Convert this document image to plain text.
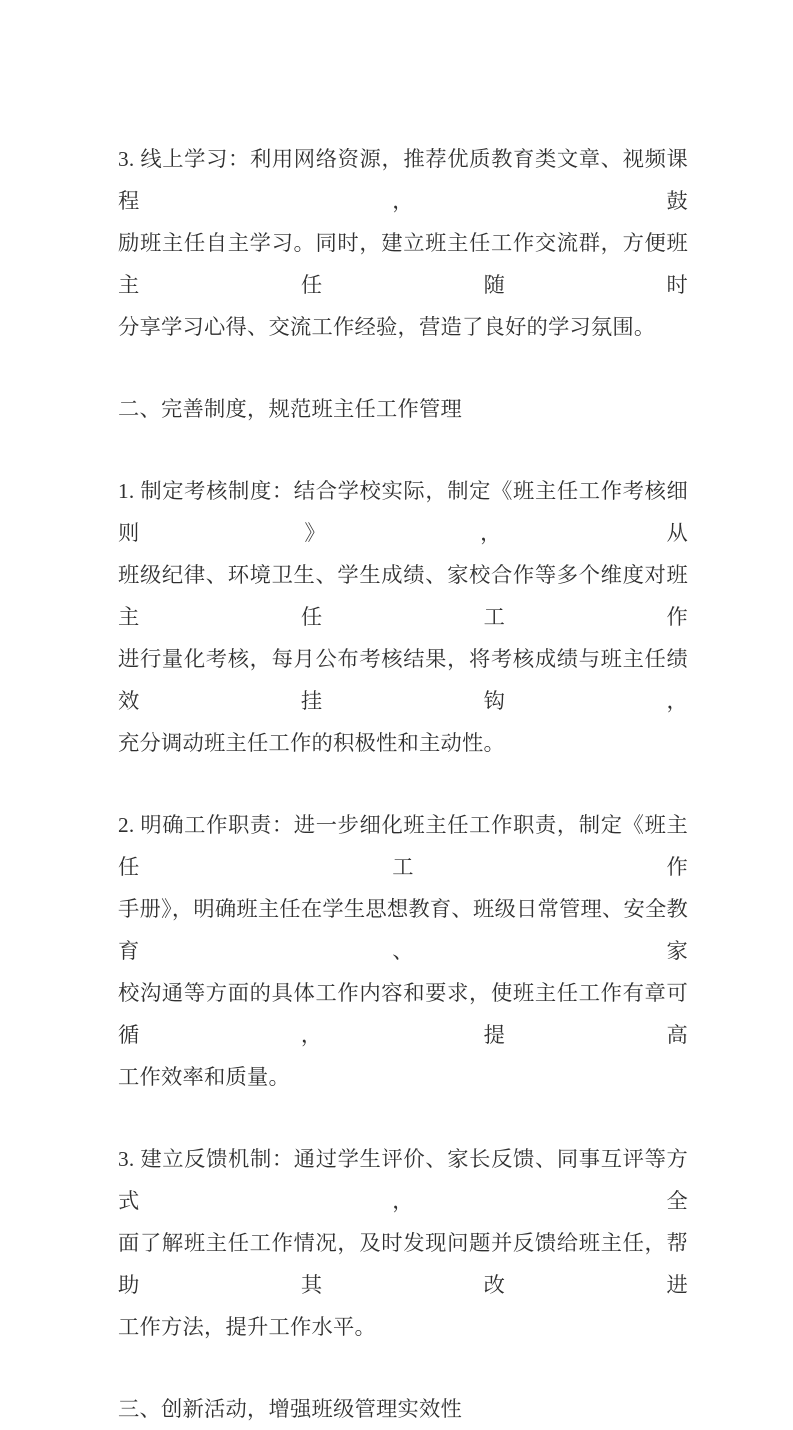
3. 线上学习：利用网络资源，推荐优质教育类文章、视频课程，鼓
励班主任自主学习。同时，建立班主任工作交流群，方便班主任随时
分享学习心得、交流工作经验，营造了良好的学习氛围。
二、完善制度，规范班主任工作管理
1. 制定考核制度：结合学校实际，制定《班主任工作考核细则》，从
班级纪律、环境卫生、学生成绩、家校合作等多个维度对班主任工作
进行量化考核，每月公布考核结果，将考核成绩与班主任绩效挂钩，
充分调动班主任工作的积极性和主动性。
2. 明确工作职责：进一步细化班主任工作职责，制定《班主任工作
手册》，明确班主任在学生思想教育、班级日常管理、安全教育、家
校沟通等方面的具体工作内容和要求，使班主任工作有章可循，提高
工作效率和质量。
3. 建立反馈机制：通过学生评价、家长反馈、同事互评等方式，全
面了解班主任工作情况，及时发现问题并反馈给班主任，帮助其改进
工作方法，提升工作水平。
三、创新活动，增强班级管理实效性
